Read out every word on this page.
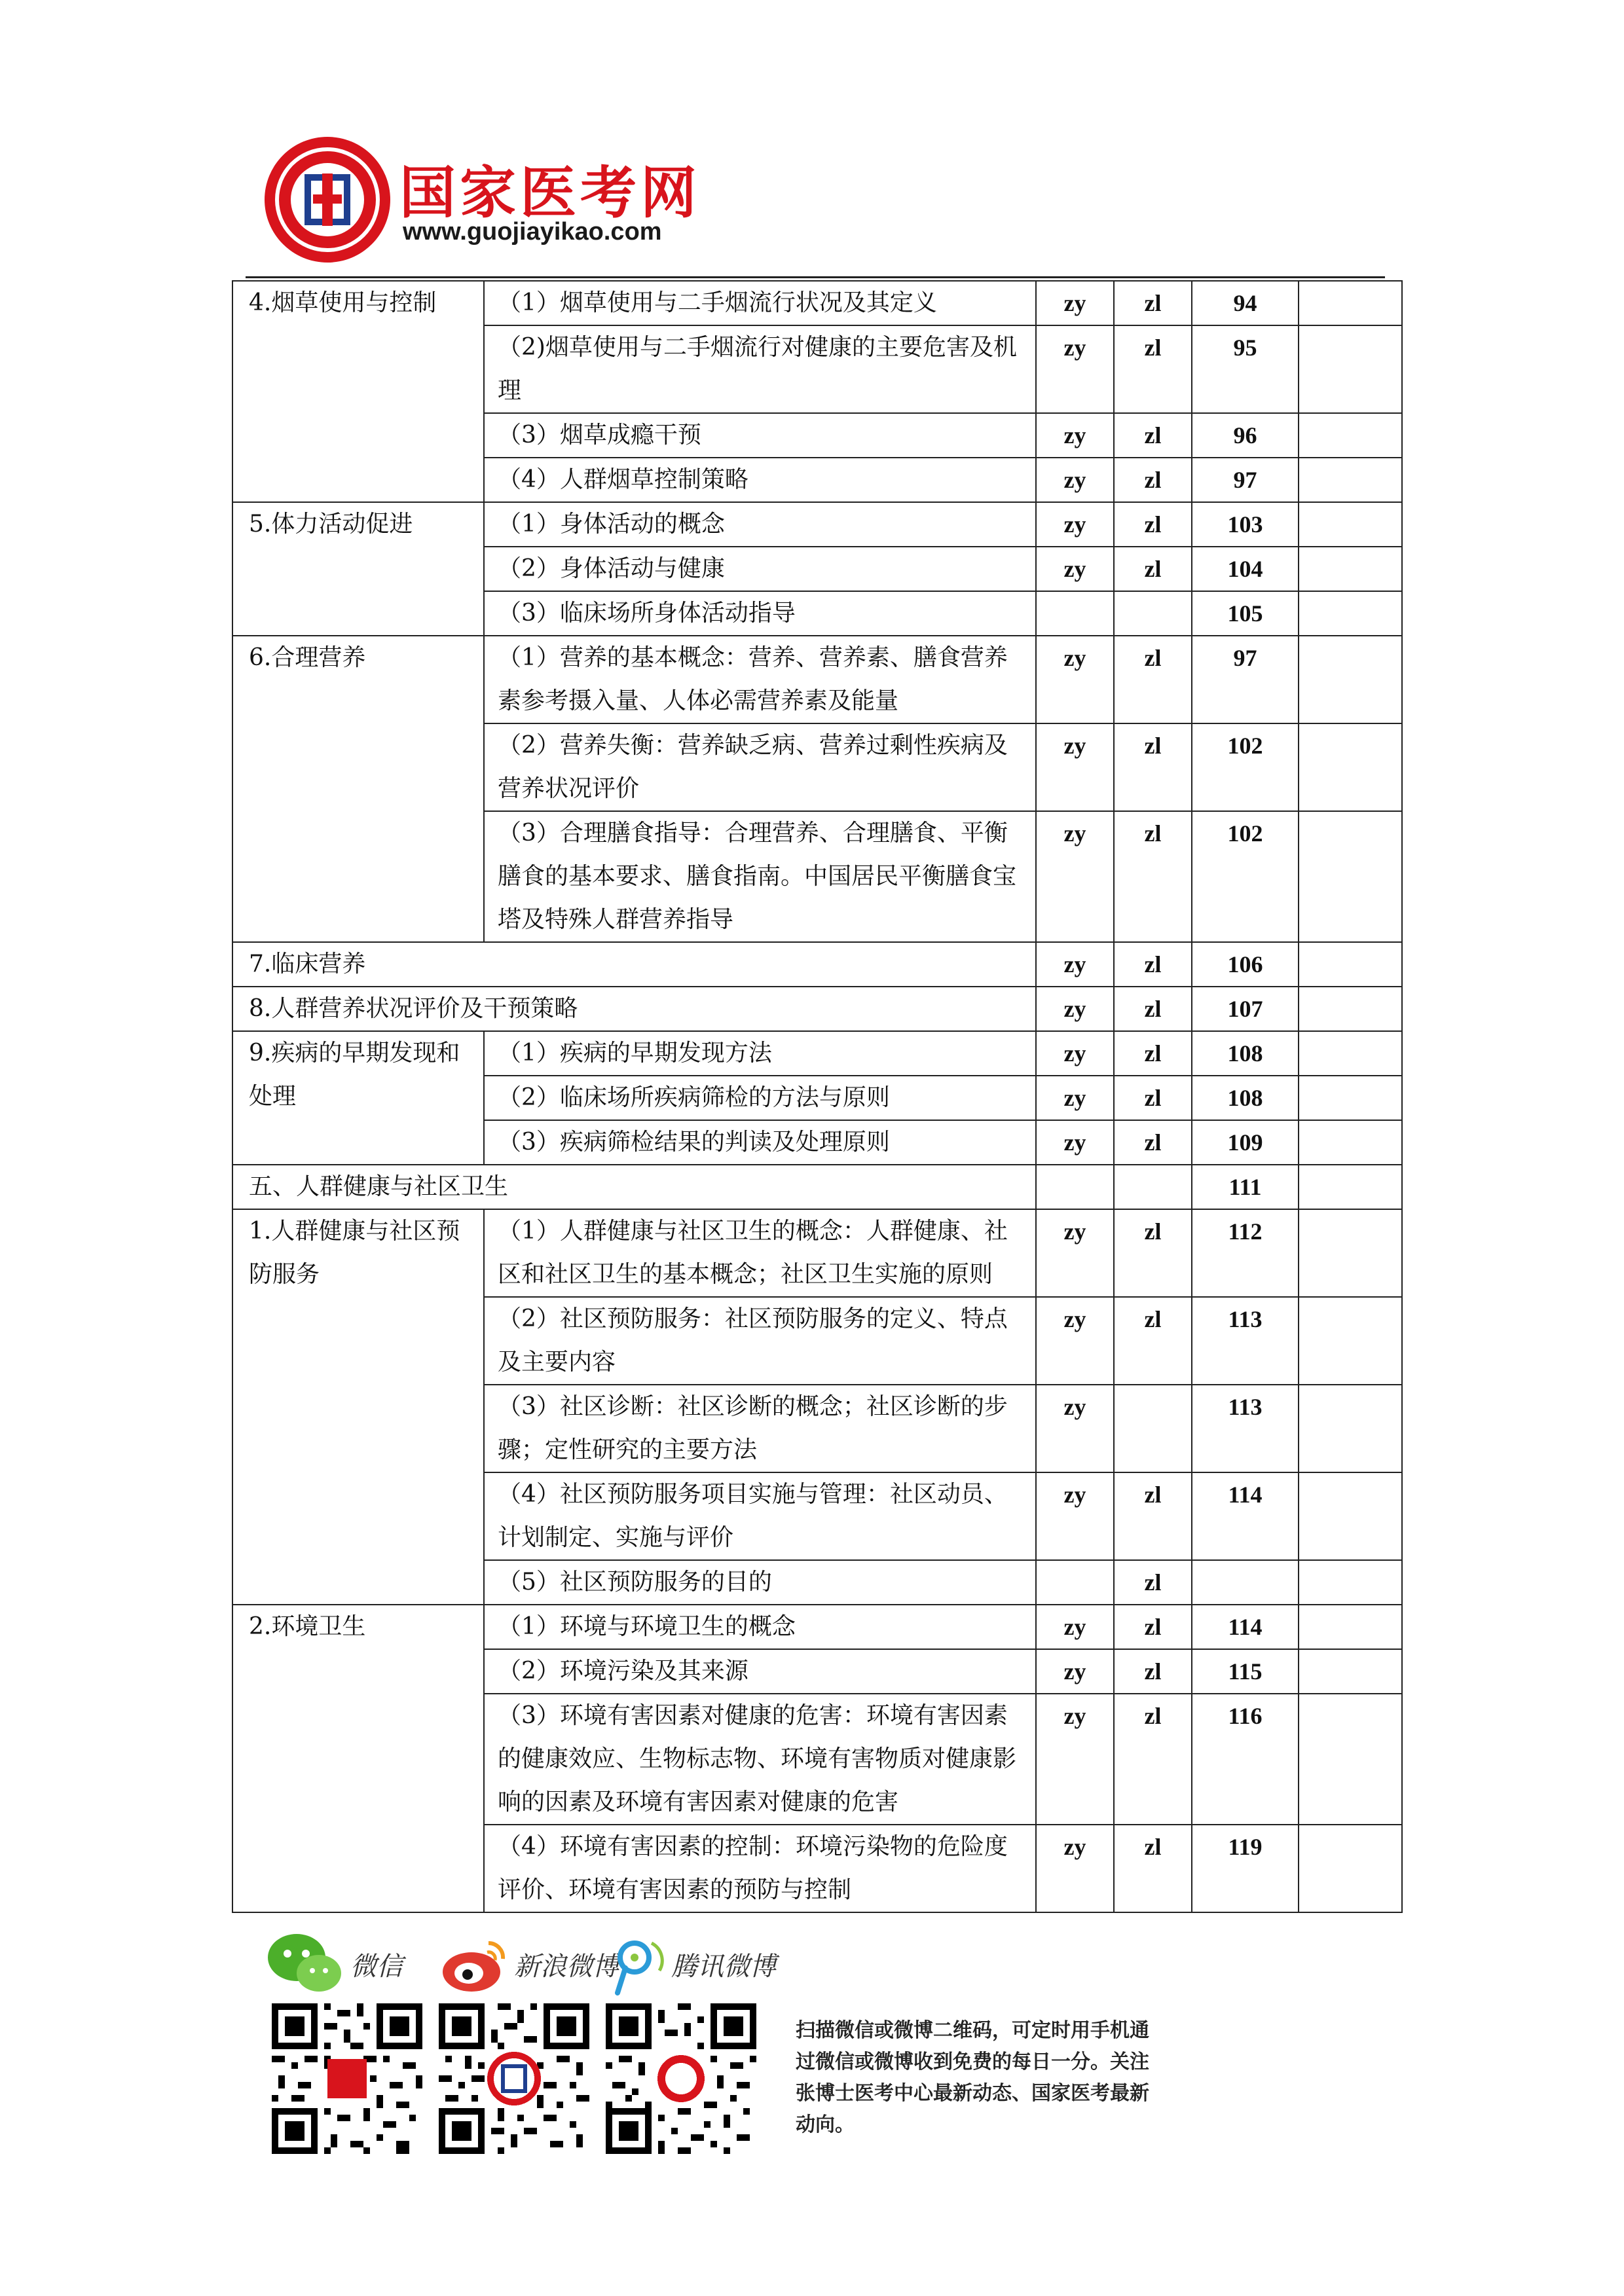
国家医考网
www.guojiayikao.com
4.烟草使用与控制	（1）烟草使用与二手烟流行状况及其定义	zy	zl	94	
	（2)烟草使用与二手烟流行对健康的主要危害及机理	zy	zl	95	
	（3）烟草成瘾干预	zy	zl	96	
	（4）人群烟草控制策略	zy	zl	97	
5.体力活动促进	（1）身体活动的概念	zy	zl	103	
	（2）身体活动与健康	zy	zl	104	
	（3）临床场所身体活动指导			105	
6.合理营养	（1）营养的基本概念：营养、营养素、膳食营养素参考摄入量、人体必需营养素及能量	zy	zl	97	
	（2）营养失衡：营养缺乏病、营养过剩性疾病及营养状况评价	zy	zl	102	
	（3）合理膳食指导：合理营养、合理膳食、平衡膳食的基本要求、膳食指南。中国居民平衡膳食宝塔及特殊人群营养指导	zy	zl	102	
7.临床营养		zy	zl	106	
8.人群营养状况评价及干预策略		zy	zl	107	
9.疾病的早期发现和处理	（1）疾病的早期发现方法	zy	zl	108	
	（2）临床场所疾病筛检的方法与原则	zy	zl	108	
	（3）疾病筛检结果的判读及处理原则	zy	zl	109	
五、人群健康与社区卫生				111	
1.人群健康与社区预防服务	（1）人群健康与社区卫生的概念：人群健康、社区和社区卫生的基本概念；社区卫生实施的原则	zy	zl	112	
	（2）社区预防服务：社区预防服务的定义、特点及主要内容	zy	zl	113	
	（3）社区诊断：社区诊断的概念；社区诊断的步骤；定性研究的主要方法	zy		113	
	（4）社区预防服务项目实施与管理：社区动员、计划制定、实施与评价	zy	zl	114	
	（5）社区预防服务的目的		zl		
2.环境卫生	（1）环境与环境卫生的概念	zy	zl	114	
	（2）环境污染及其来源	zy	zl	115	
	（3）环境有害因素对健康的危害：环境有害因素的健康效应、生物标志物、环境有害物质对健康影响的因素及环境有害因素对健康的危害	zy	zl	116	
	（4）环境有害因素的控制：环境污染物的危险度评价、环境有害因素的预防与控制	zy	zl	119	
微信	新浪微博 腾讯微博
扫描微信或微博二维码，可定时用手机通过微信或微博收到免费的每日一分。关注张博士医考中心最新动态、国家医考最新动向。
